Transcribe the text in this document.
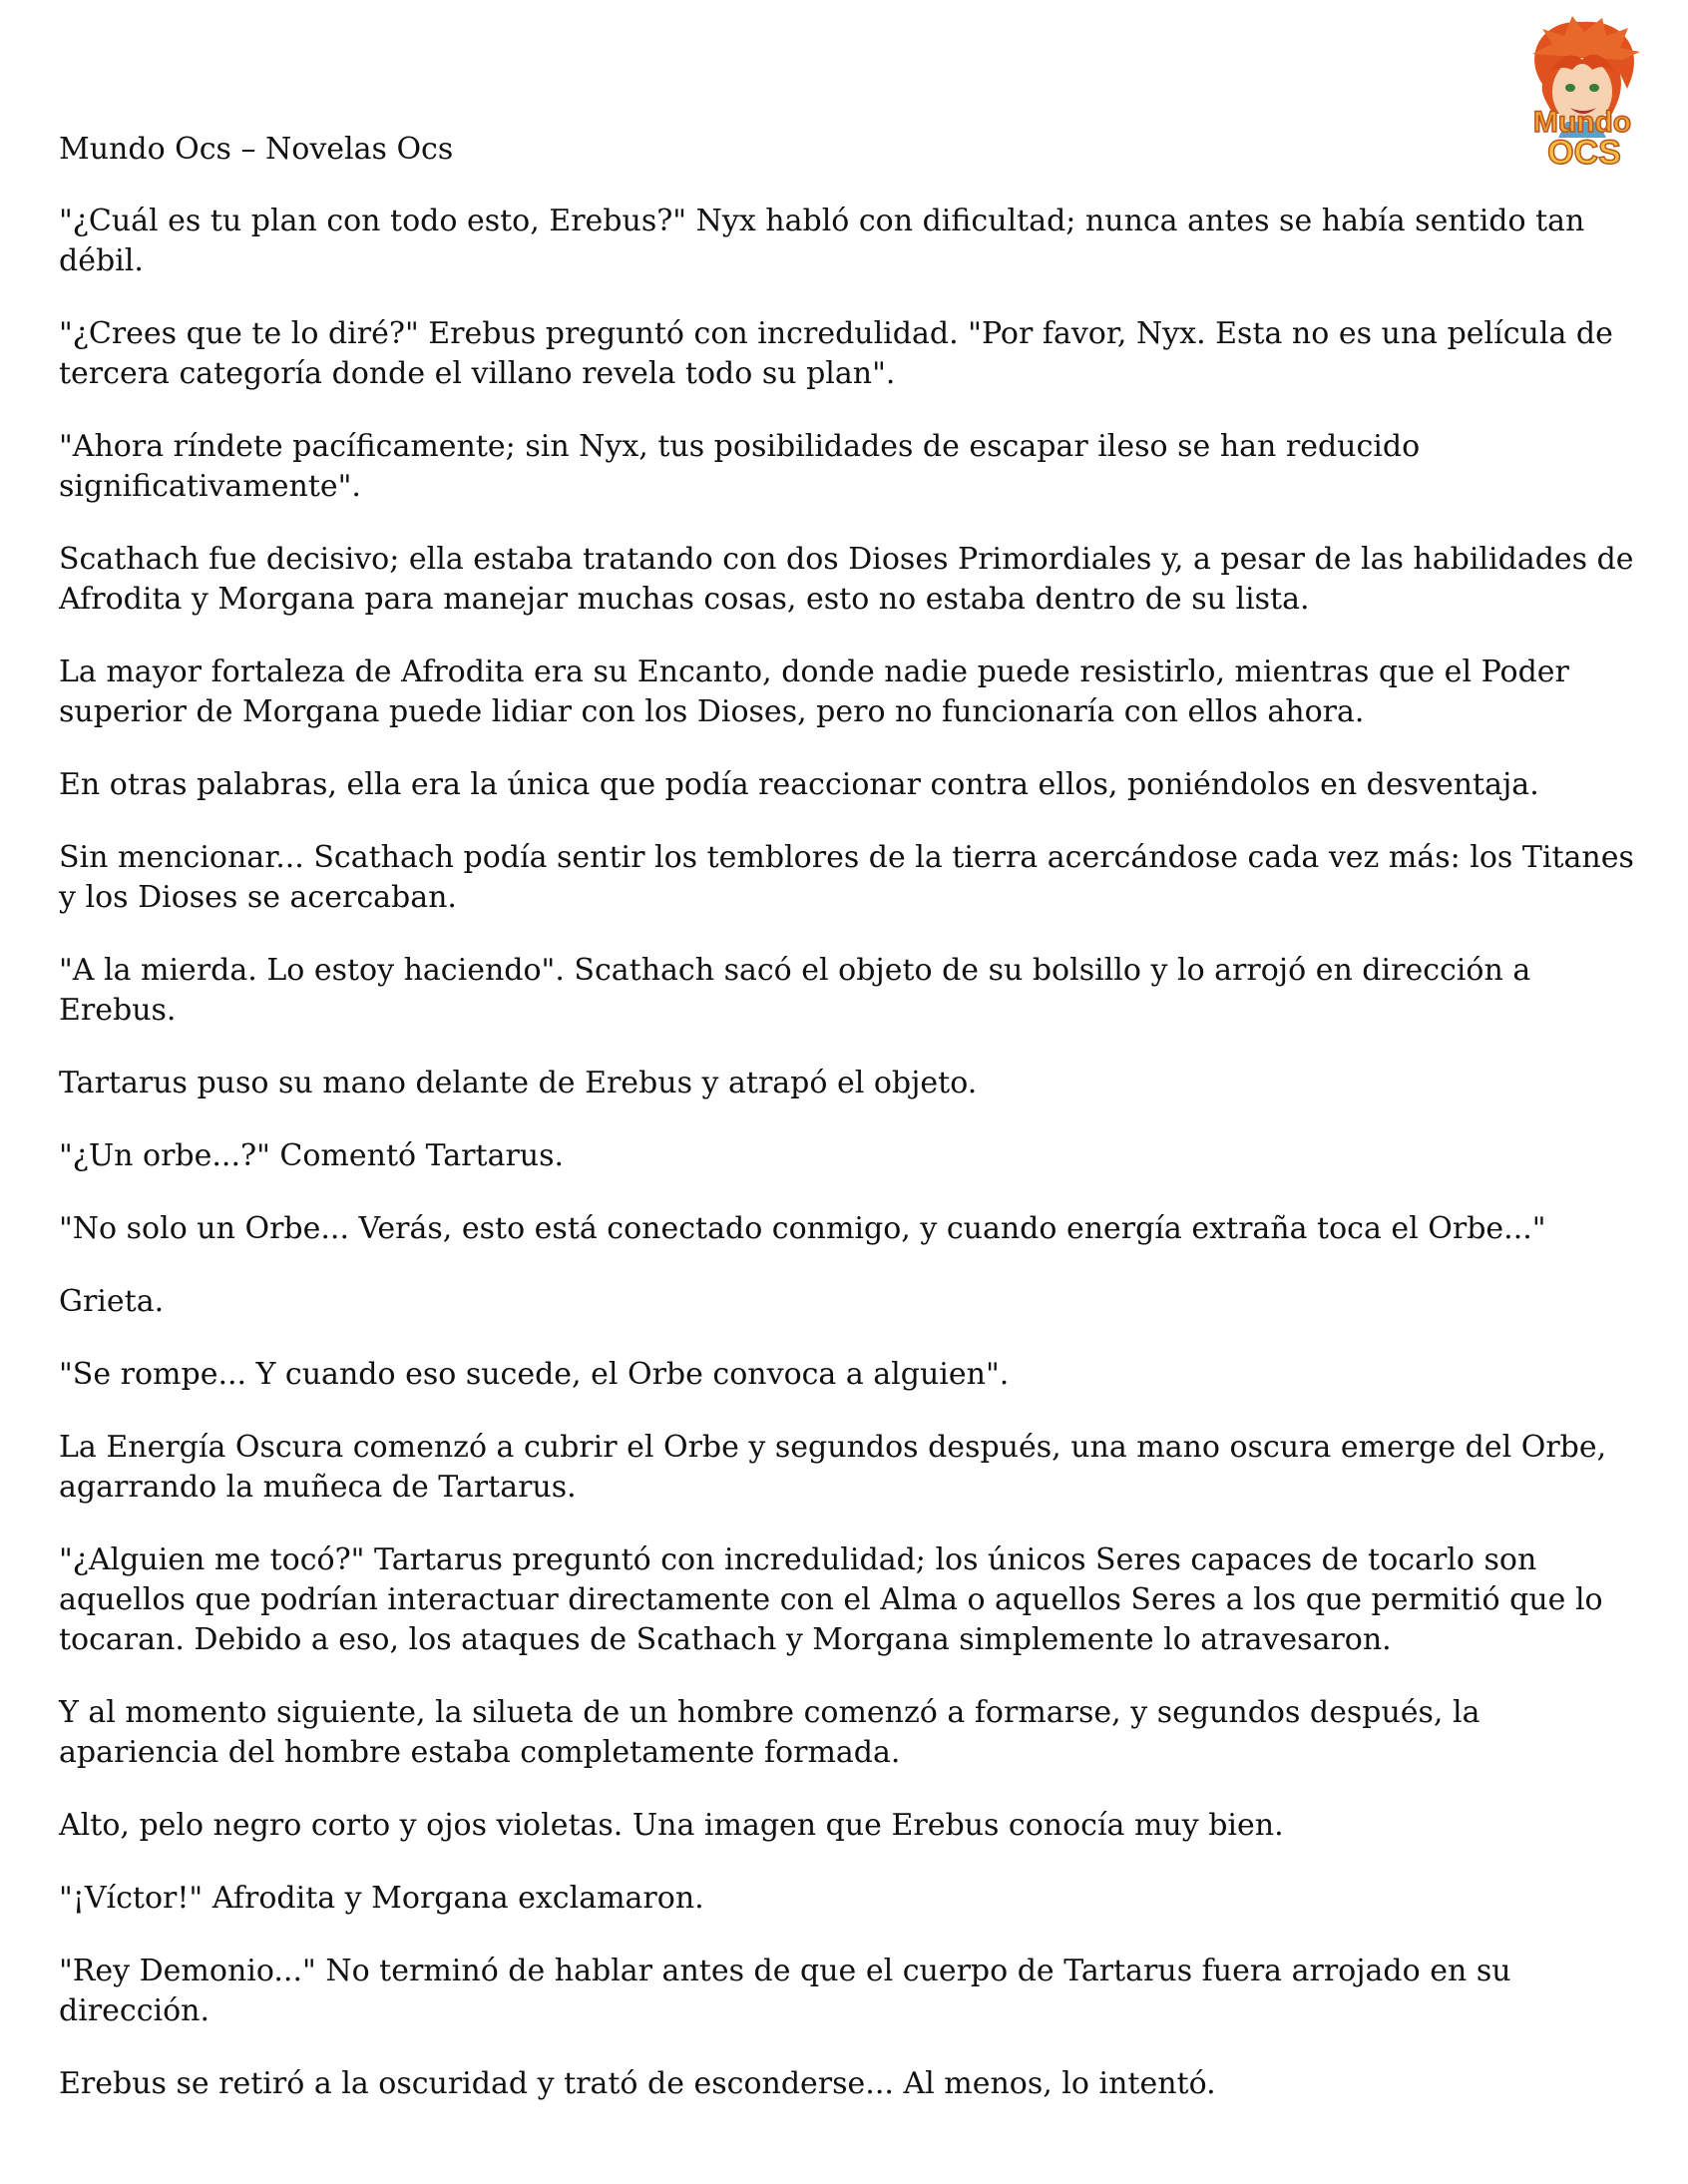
Mundo
OCS

Mundo Ocs – Novelas Ocs

"¿Cuál es tu plan con todo esto, Erebus?" Nyx habló con dificultad; nunca antes se había sentido tan débil.

"¿Crees que te lo diré?" Erebus preguntó con incredulidad. "Por favor, Nyx. Esta no es una película de tercera categoría donde el villano revela todo su plan".

"Ahora ríndete pacíficamente; sin Nyx, tus posibilidades de escapar ileso se han reducido significativamente".

Scathach fue decisivo; ella estaba tratando con dos Dioses Primordiales y, a pesar de las habilidades de Afrodita y Morgana para manejar muchas cosas, esto no estaba dentro de su lista.

La mayor fortaleza de Afrodita era su Encanto, donde nadie puede resistirlo, mientras que el Poder superior de Morgana puede lidiar con los Dioses, pero no funcionaría con ellos ahora.

En otras palabras, ella era la única que podía reaccionar contra ellos, poniéndolos en desventaja.

Sin mencionar... Scathach podía sentir los temblores de la tierra acercándose cada vez más: los Titanes y los Dioses se acercaban.

"A la mierda. Lo estoy haciendo". Scathach sacó el objeto de su bolsillo y lo arrojó en dirección a Erebus.

Tartarus puso su mano delante de Erebus y atrapó el objeto.

"¿Un orbe...?" Comentó Tartarus.

"No solo un Orbe... Verás, esto está conectado conmigo, y cuando energía extraña toca el Orbe..."

Grieta.

"Se rompe... Y cuando eso sucede, el Orbe convoca a alguien".

La Energía Oscura comenzó a cubrir el Orbe y segundos después, una mano oscura emerge del Orbe, agarrando la muñeca de Tartarus.

"¿Alguien me tocó?" Tartarus preguntó con incredulidad; los únicos Seres capaces de tocarlo son aquellos que podrían interactuar directamente con el Alma o aquellos Seres a los que permitió que lo tocaran. Debido a eso, los ataques de Scathach y Morgana simplemente lo atravesaron.

Y al momento siguiente, la silueta de un hombre comenzó a formarse, y segundos después, la apariencia del hombre estaba completamente formada.

Alto, pelo negro corto y ojos violetas. Una imagen que Erebus conocía muy bien.

"¡Víctor!" Afrodita y Morgana exclamaron.

"Rey Demonio..." No terminó de hablar antes de que el cuerpo de Tartarus fuera arrojado en su dirección.

Erebus se retiró a la oscuridad y trató de esconderse... Al menos, lo intentó.
